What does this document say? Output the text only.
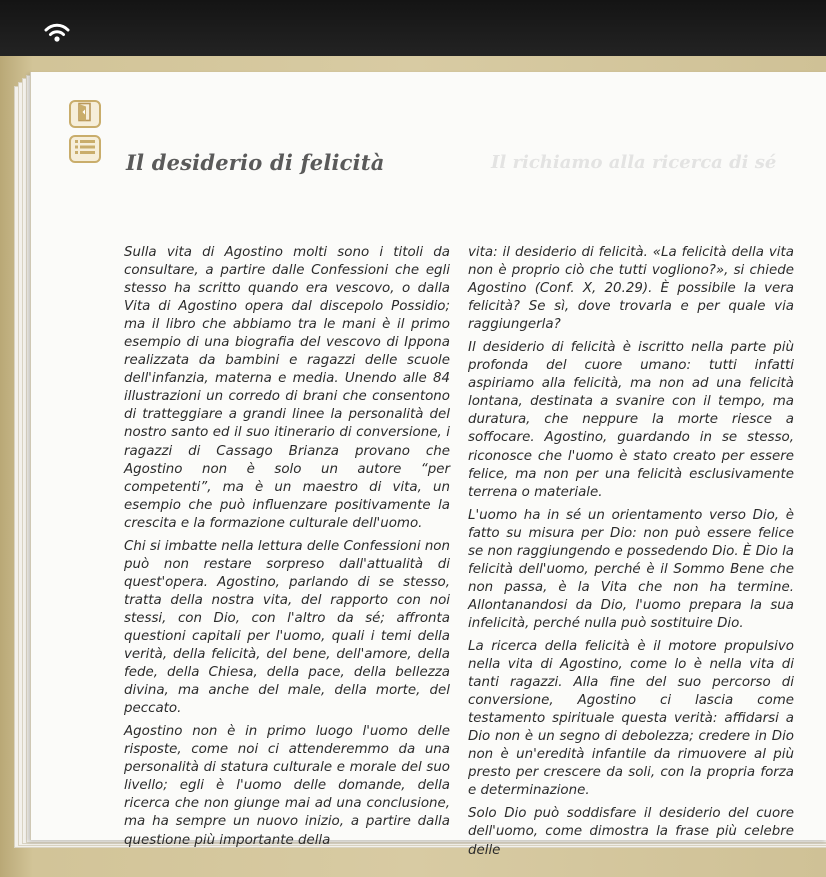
Il desiderio di felicità	Il richiamo alla ricerca di sé

Sulla vita di Agostino molti sono i titoli da consultare, a partire dalle Confessioni che egli stesso ha scritto quando era vescovo, o dalla Vita di Agostino opera dal discepolo Possidio; ma il libro che abbiamo tra le mani è il primo esempio di una biografia del vescovo di Ippona realizzata da bambini e ragazzi delle scuole dell'infanzia, materna e media. Unendo alle 84 illustrazioni un corredo di brani che consentono di tratteggiare a grandi linee la personalità del nostro santo ed il suo itinerario di conversione, i ragazzi di Cassago Brianza provano che Agostino non è solo un autore “per competenti”, ma è un maestro di vita, un esempio che può influenzare positivamente la crescita e la formazione culturale dell'uomo.

Chi si imbatte nella lettura delle Confessioni non può non restare sorpreso dall'attualità di quest'opera. Agostino, parlando di se stesso, tratta della nostra vita, del rapporto con noi stessi, con Dio, con l'altro da sé; affronta questioni capitali per l'uomo, quali i temi della verità, della felicità, del bene, dell'amore, della fede, della Chiesa, della pace, della bellezza divina, ma anche del male, della morte, del peccato.

Agostino non è in primo luogo l'uomo delle risposte, come noi ci attenderemmo da una personalità di statura culturale e morale del suo livello; egli è l'uomo delle domande, della ricerca che non giunge mai ad una conclusione, ma ha sempre un nuovo inizio, a partire dalla questione più importante della

vita: il desiderio di felicità. «La felicità della vita non è proprio ciò che tutti vogliono?», si chiede Agostino (Conf. X, 20.29). È possibile la vera felicità? Se sì, dove trovarla e per quale via raggiungerla?

Il desiderio di felicità è iscritto nella parte più profonda del cuore umano: tutti infatti aspiriamo alla felicità, ma non ad una felicità lontana, destinata a svanire con il tempo, ma duratura, che neppure la morte riesce a soffocare. Agostino, guardando in se stesso, riconosce che l'uomo è stato creato per essere felice, ma non per una felicità esclusivamente terrena o materiale.

L'uomo ha in sé un orientamento verso Dio, è fatto su misura per Dio: non può essere felice se non raggiungendo e possedendo Dio. È Dio la felicità dell'uomo, perché è il Sommo Bene che non passa, è la Vita che non ha termine. Allontanandosi da Dio, l'uomo prepara la sua infelicità, perché nulla può sostituire Dio.

La ricerca della felicità è il motore propulsivo nella vita di Agostino, come lo è nella vita di tanti ragazzi. Alla fine del suo percorso di conversione, Agostino ci lascia come testamento spirituale questa verità: affidarsi a Dio non è un segno di debolezza; credere in Dio non è un'eredità infantile da rimuovere al più presto per crescere da soli, con la propria forza e determinazione.

Solo Dio può soddisfare il desiderio del cuore dell'uomo, come dimostra la frase più celebre delle
